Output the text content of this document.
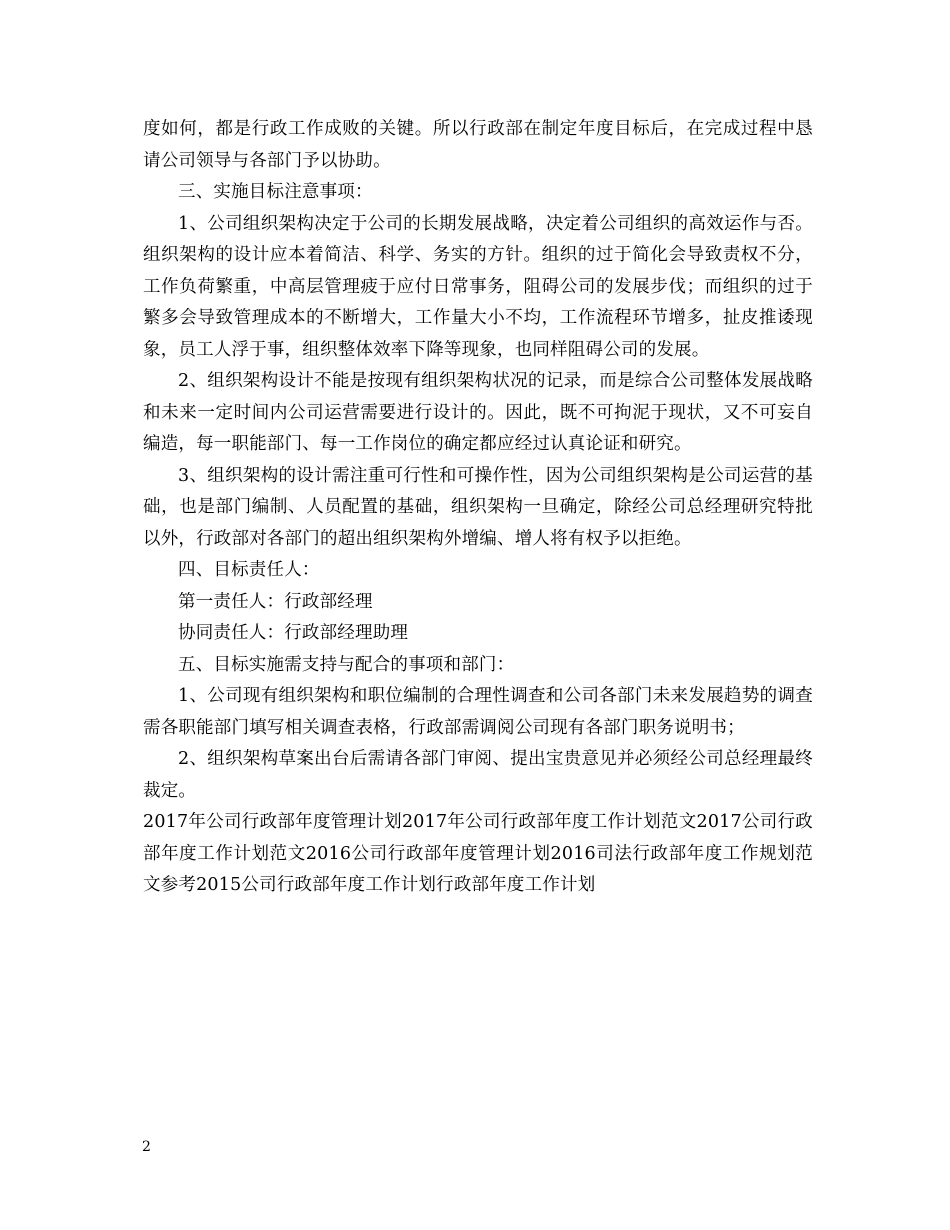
度如何，都是行政工作成败的关键。所以行政部在制定年度目标后，在完成过程中恳请公司领导与各部门予以协助。

三、实施目标注意事项：

1、公司组织架构决定于公司的长期发展战略，决定着公司组织的高效运作与否。组织架构的设计应本着简洁、科学、务实的方针。组织的过于简化会导致责权不分，工作负荷繁重，中高层管理疲于应付日常事务，阻碍公司的发展步伐；而组织的过于繁多会导致管理成本的不断增大，工作量大小不均，工作流程环节增多，扯皮推诿现象，员工人浮于事，组织整体效率下降等现象，也同样阻碍公司的发展。

2、组织架构设计不能是按现有组织架构状况的记录，而是综合公司整体发展战略和未来一定时间内公司运营需要进行设计的。因此，既不可拘泥于现状，又不可妄自编造，每一职能部门、每一工作岗位的确定都应经过认真论证和研究。

3、组织架构的设计需注重可行性和可操作性，因为公司组织架构是公司运营的基础，也是部门编制、人员配置的基础，组织架构一旦确定，除经公司总经理研究特批以外，行政部对各部门的超出组织架构外增编、增人将有权予以拒绝。

四、目标责任人：

第一责任人：行政部经理

协同责任人：行政部经理助理

五、目标实施需支持与配合的事项和部门：

1、公司现有组织架构和职位编制的合理性调查和公司各部门未来发展趋势的调查需各职能部门填写相关调查表格，行政部需调阅公司现有各部门职务说明书；

2、组织架构草案出台后需请各部门审阅、提出宝贵意见并必须经公司总经理最终裁定。

2017年公司行政部年度管理计划2017年公司行政部年度工作计划范文2017公司行政部年度工作计划范文2016公司行政部年度管理计划2016司法行政部年度工作规划范文参考2015公司行政部年度工作计划行政部年度工作计划

2
